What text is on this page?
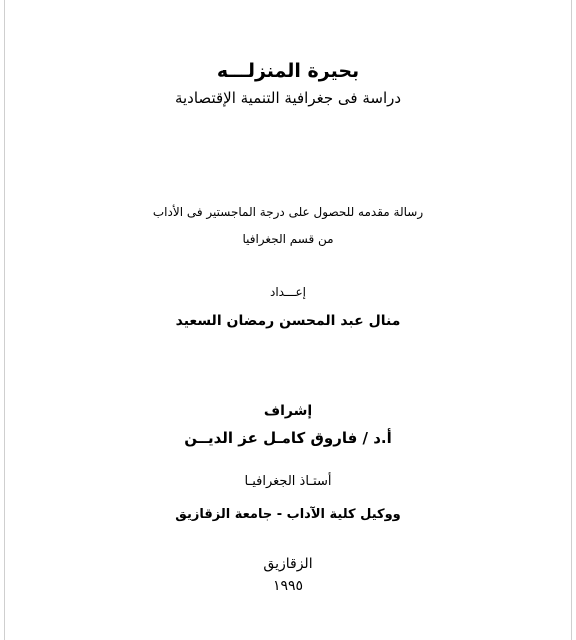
بحيرة المنزلـــه
دراسة فى جغرافية التنمية الإقتصادية
رسالة مقدمه للحصول على درجة الماجستير فى الأداب
من قسم الجغرافيا
إعـــداد
منال عبد المحسن رمضان السعيد
إشراف
أ.د / فاروق كامـل عز الديــن
أستـاذ الجغرافيـا
ووكيل كلية الآداب - جامعة الزقازيق
الزقازيق
١٩٩٥
